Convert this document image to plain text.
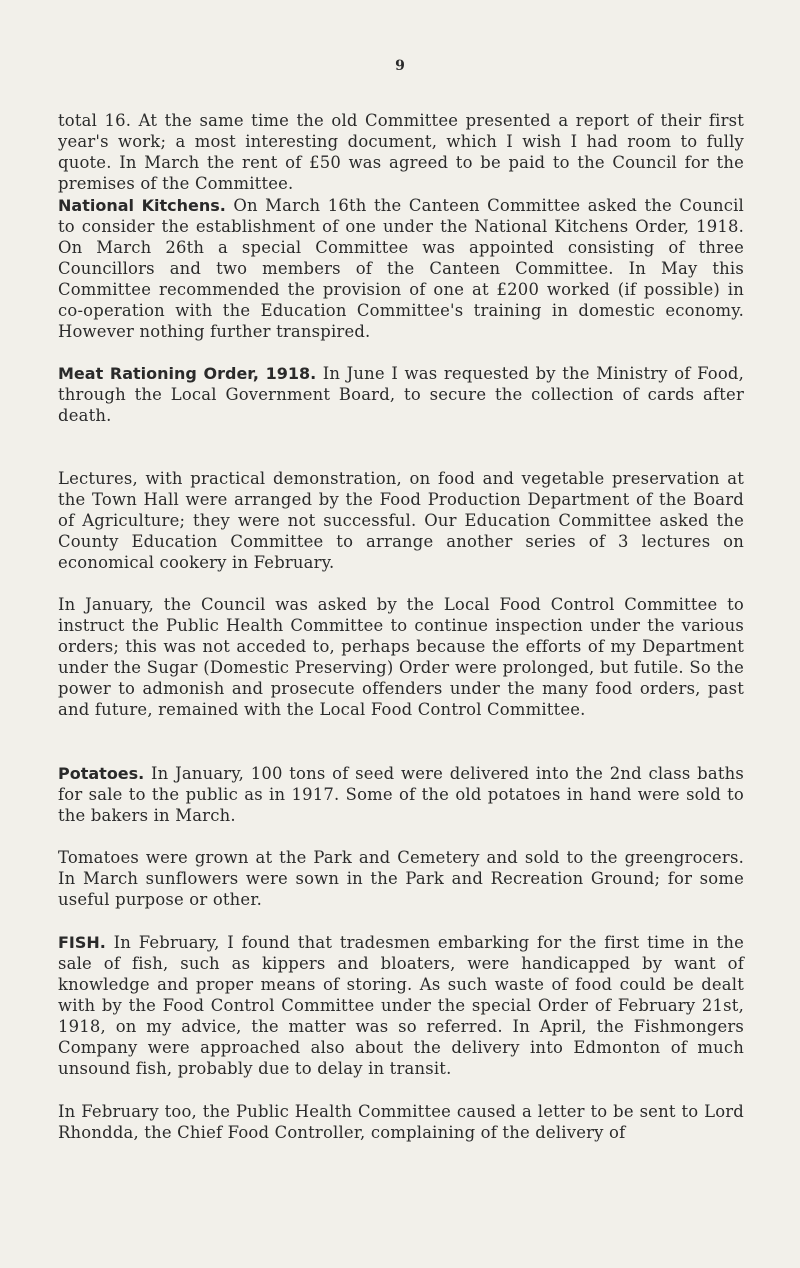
9
total 16. At the same time the old Committee presented a report of their first year's work; a most interesting document, which I wish I had room to fully quote. In March the rent of £50 was agreed to be paid to the Council for the premises of the Committee.
National Kitchens. On March 16th the Canteen Committee asked the Council to consider the establishment of one under the National Kitchens Order, 1918. On March 26th a special Committee was appointed consisting of three Councillors and two members of the Canteen Committee. In May this Committee recommended the provision of one at £200 worked (if possible) in co-operation with the Education Committee's training in domestic economy. However nothing further transpired.
Meat Rationing Order, 1918. In June I was requested by the Ministry of Food, through the Local Government Board, to secure the collection of cards after death.
Lectures, with practical demonstration, on food and vegetable preservation at the Town Hall were arranged by the Food Production Department of the Board of Agriculture; they were not successful. Our Education Committee asked the County Education Committee to arrange another series of 3 lectures on economical cookery in February.
In January, the Council was asked by the Local Food Control Committee to instruct the Public Health Committee to continue inspection under the various orders; this was not acceded to, perhaps because the efforts of my Department under the Sugar (Domestic Preserving) Order were prolonged, but futile. So the power to admonish and prosecute offenders under the many food orders, past and future, remained with the Local Food Control Committee.
Potatoes. In January, 100 tons of seed were delivered into the 2nd class baths for sale to the public as in 1917. Some of the old potatoes in hand were sold to the bakers in March.
Tomatoes were grown at the Park and Cemetery and sold to the greengrocers. In March sunflowers were sown in the Park and Recreation Ground; for some useful purpose or other.
FISH. In February, I found that tradesmen embarking for the first time in the sale of fish, such as kippers and bloaters, were handicapped by want of knowledge and proper means of storing. As such waste of food could be dealt with by the Food Control Committee under the special Order of February 21st, 1918, on my advice, the matter was so referred. In April, the Fishmongers Company were approached also about the delivery into Edmonton of much unsound fish, probably due to delay in transit.
In February too, the Public Health Committee caused a letter to be sent to Lord Rhondda, the Chief Food Controller, complaining of the delivery of
